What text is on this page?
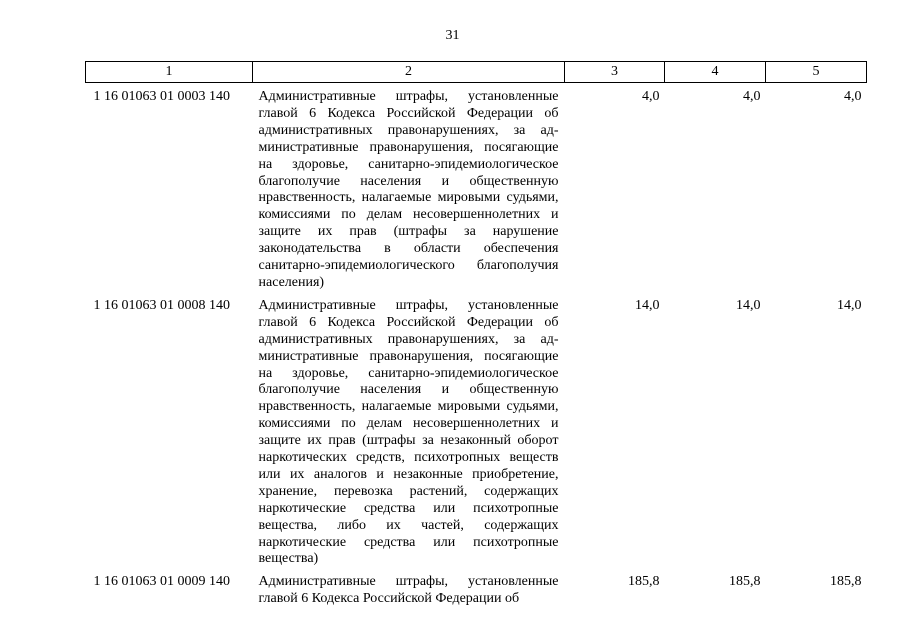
31
1	2	3	4	5
1 16 01063 01 0003 140	Административные штрафы, установленные главой 6 Кодекса Российской Федерации об административных правонарушениях, за административные правонарушения, посягающие на здоровье, санитарно-эпидемиологическое благополучие населения и общественную нравственность, налагаемые мировыми судьями, комиссиями по делам несовершеннолетних и защите их прав (штрафы за нарушение законодательства в области обеспечения санитарно-эпидемиологического благополучия населения)	4,0	4,0	4,0
1 16 01063 01 0008 140	Административные штрафы, установленные главой 6 Кодекса Российской Федерации об административных правонарушениях, за административные правонарушения, посягающие на здоровье, санитарно-эпидемиологическое благополучие населения и общественную нравственность, налагаемые мировыми судьями, комиссиями по делам несовершеннолетних и защите их прав (штрафы за незаконный оборот наркотических средств, психотропных веществ или их аналогов и незаконные приобретение, хранение, перевозка растений, содержащих наркотические средства или психотропные вещества, либо их частей, содержащих наркотические средства или психотропные вещества)	14,0	14,0	14,0
1 16 01063 01 0009 140	Административные штрафы, установленные главой 6 Кодекса Российской Федерации об	185,8	185,8	185,8
